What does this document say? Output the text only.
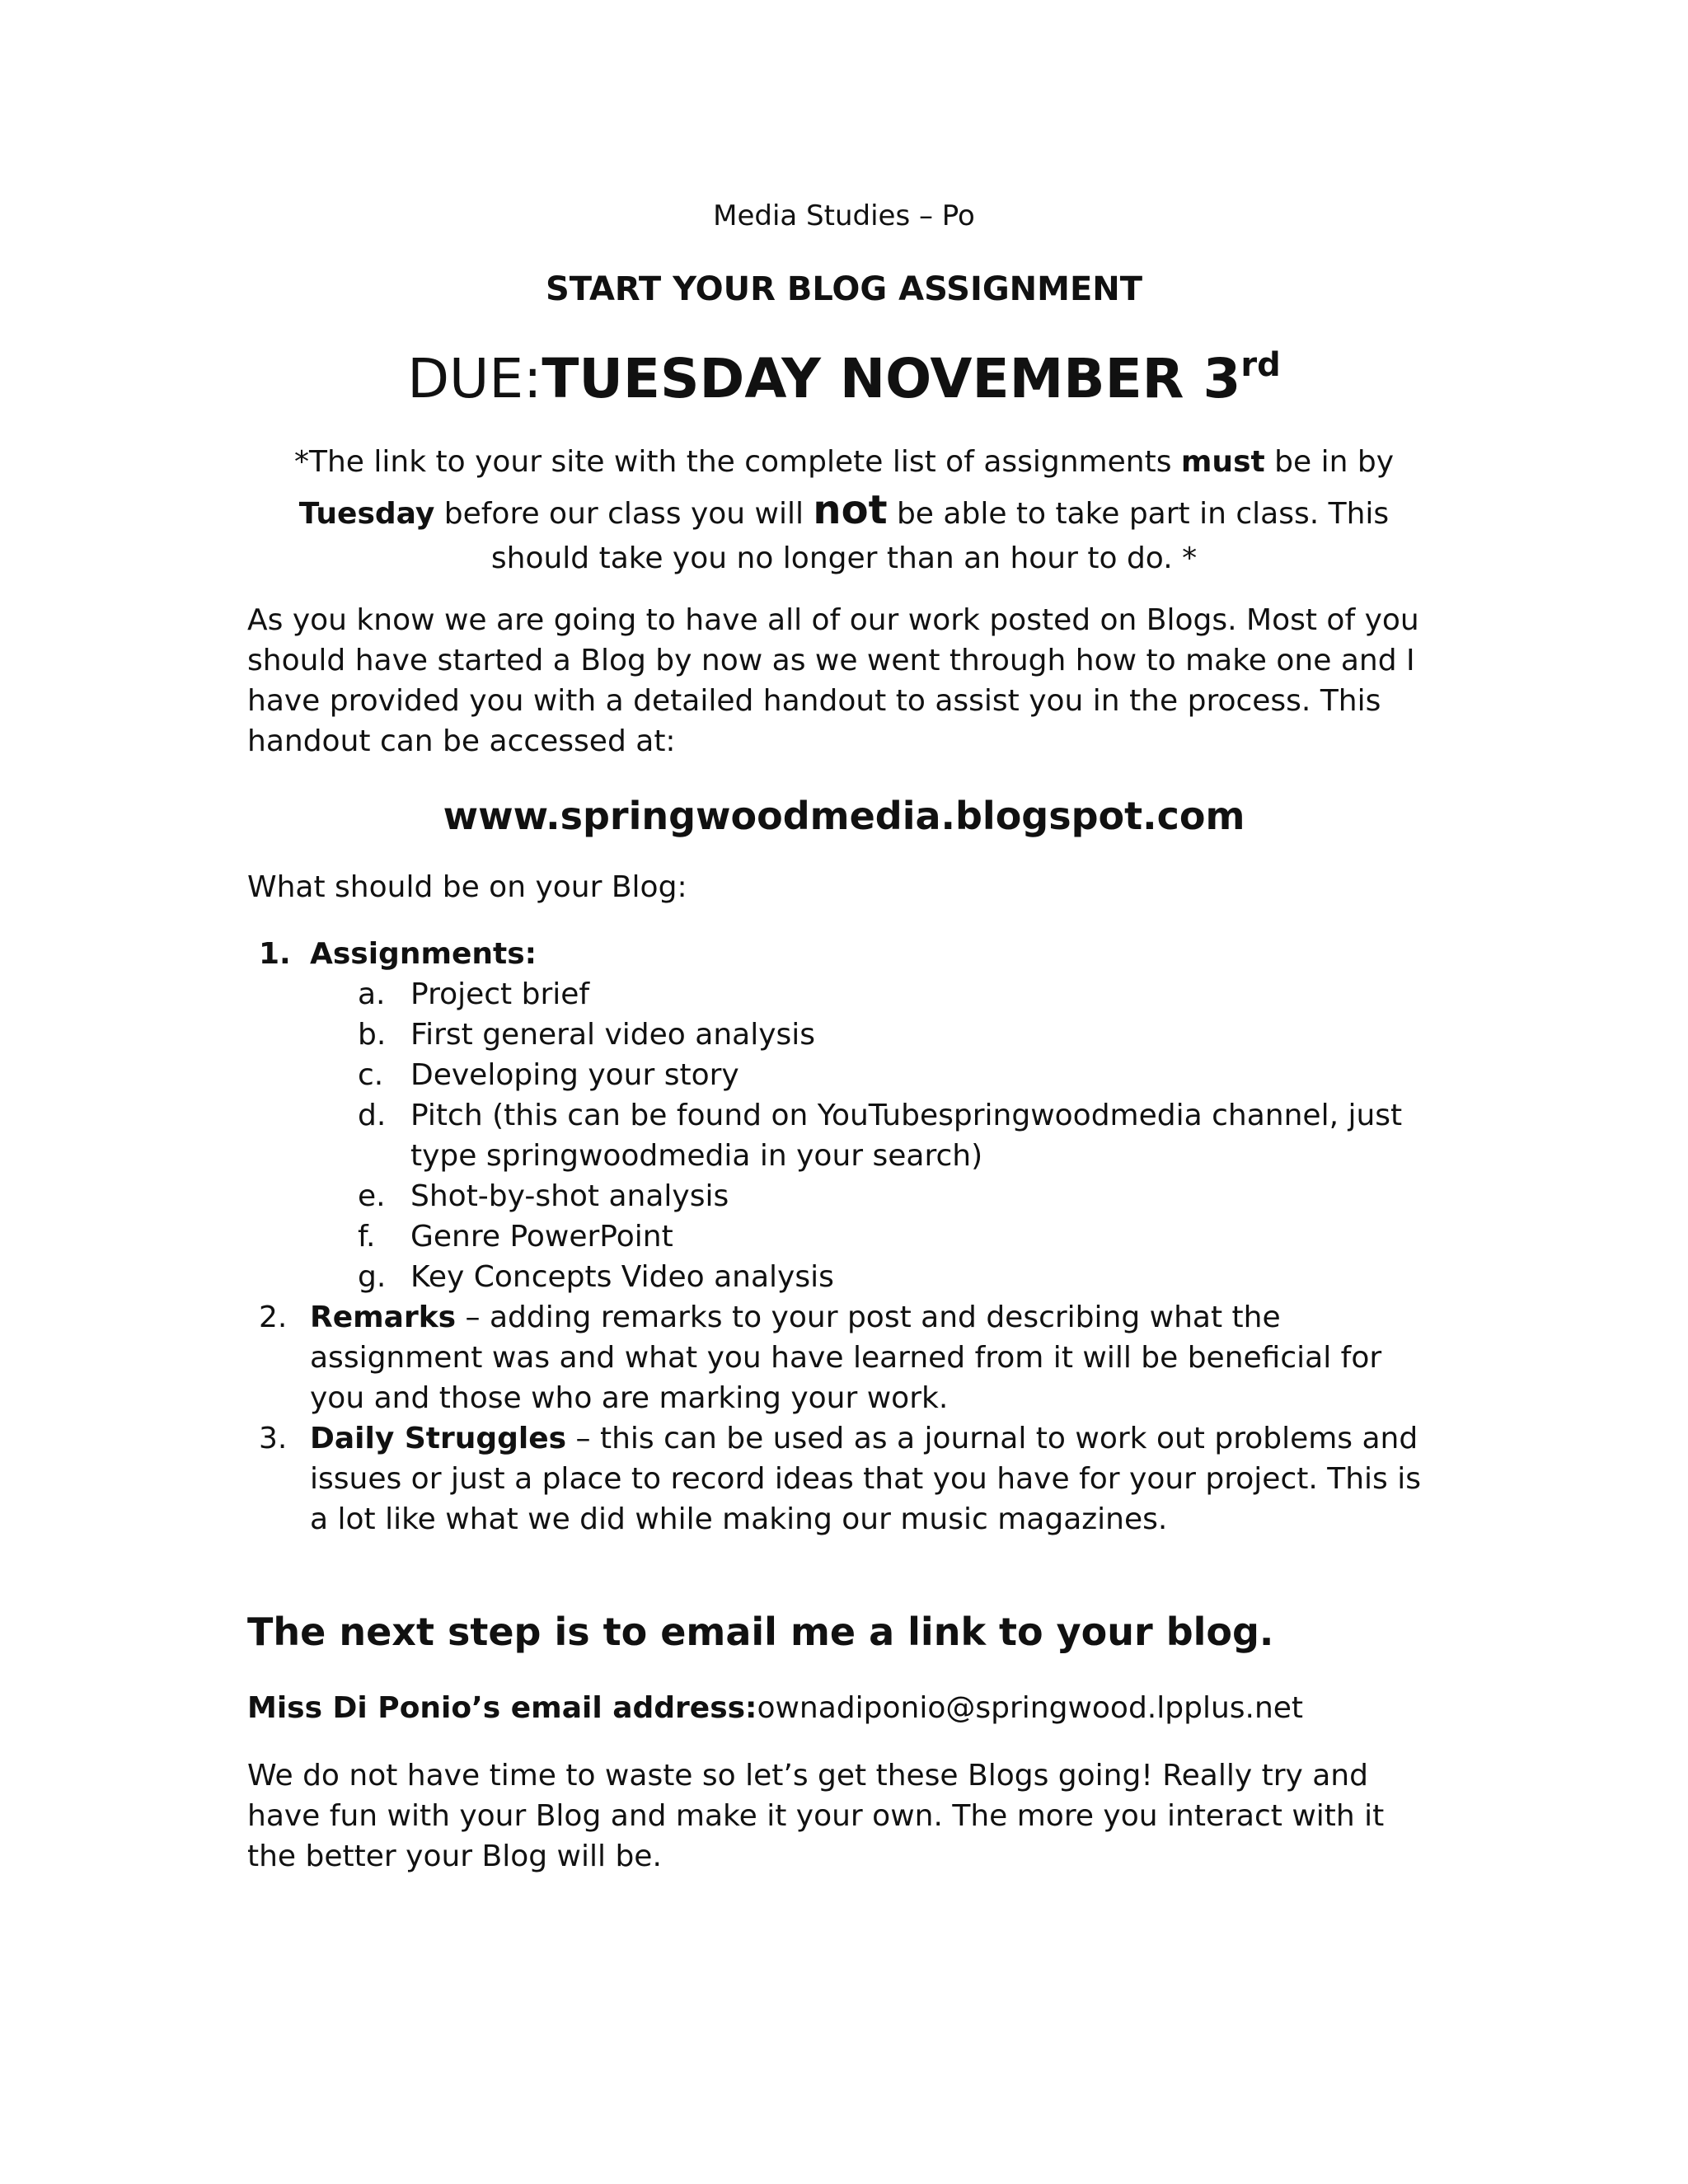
Media Studies – Po
START YOUR BLOG ASSIGNMENT
DUE:TUESDAY NOVEMBER 3rd
*The link to your site with the complete list of assignments must be in by
Tuesday before our class you will not be able to take part in class. This
should take you no longer than an hour to do. *
As you know we are going to have all of our work posted on Blogs. Most of you should have started a Blog by now as we went through how to make one and I have provided you with a detailed handout to assist you in the process. This handout can be accessed at:
www.springwoodmedia.blogspot.com
What should be on your Blog:
1. Assignments:
a. Project brief
b. First general video analysis
c. Developing your story
d. Pitch (this can be found on YouTubespringwoodmedia channel, just type springwoodmedia in your search)
e. Shot-by-shot analysis
f.	Genre PowerPoint
g. Key Concepts Video analysis
2. Remarks – adding remarks to your post and describing what the assignment was and what you have learned from it will be beneficial for you and those who are marking your work.
3. Daily Struggles – this can be used as a journal to work out problems and issues or just a place to record ideas that you have for your project. This is a lot like what we did while making our music magazines.
The next step is to email me a link to your blog.
Miss Di Ponio’s email address:ownadiponio@springwood.lpplus.net
We do not have time to waste so let’s get these Blogs going! Really try and have fun with your Blog and make it your own. The more you interact with it the better your Blog will be.
